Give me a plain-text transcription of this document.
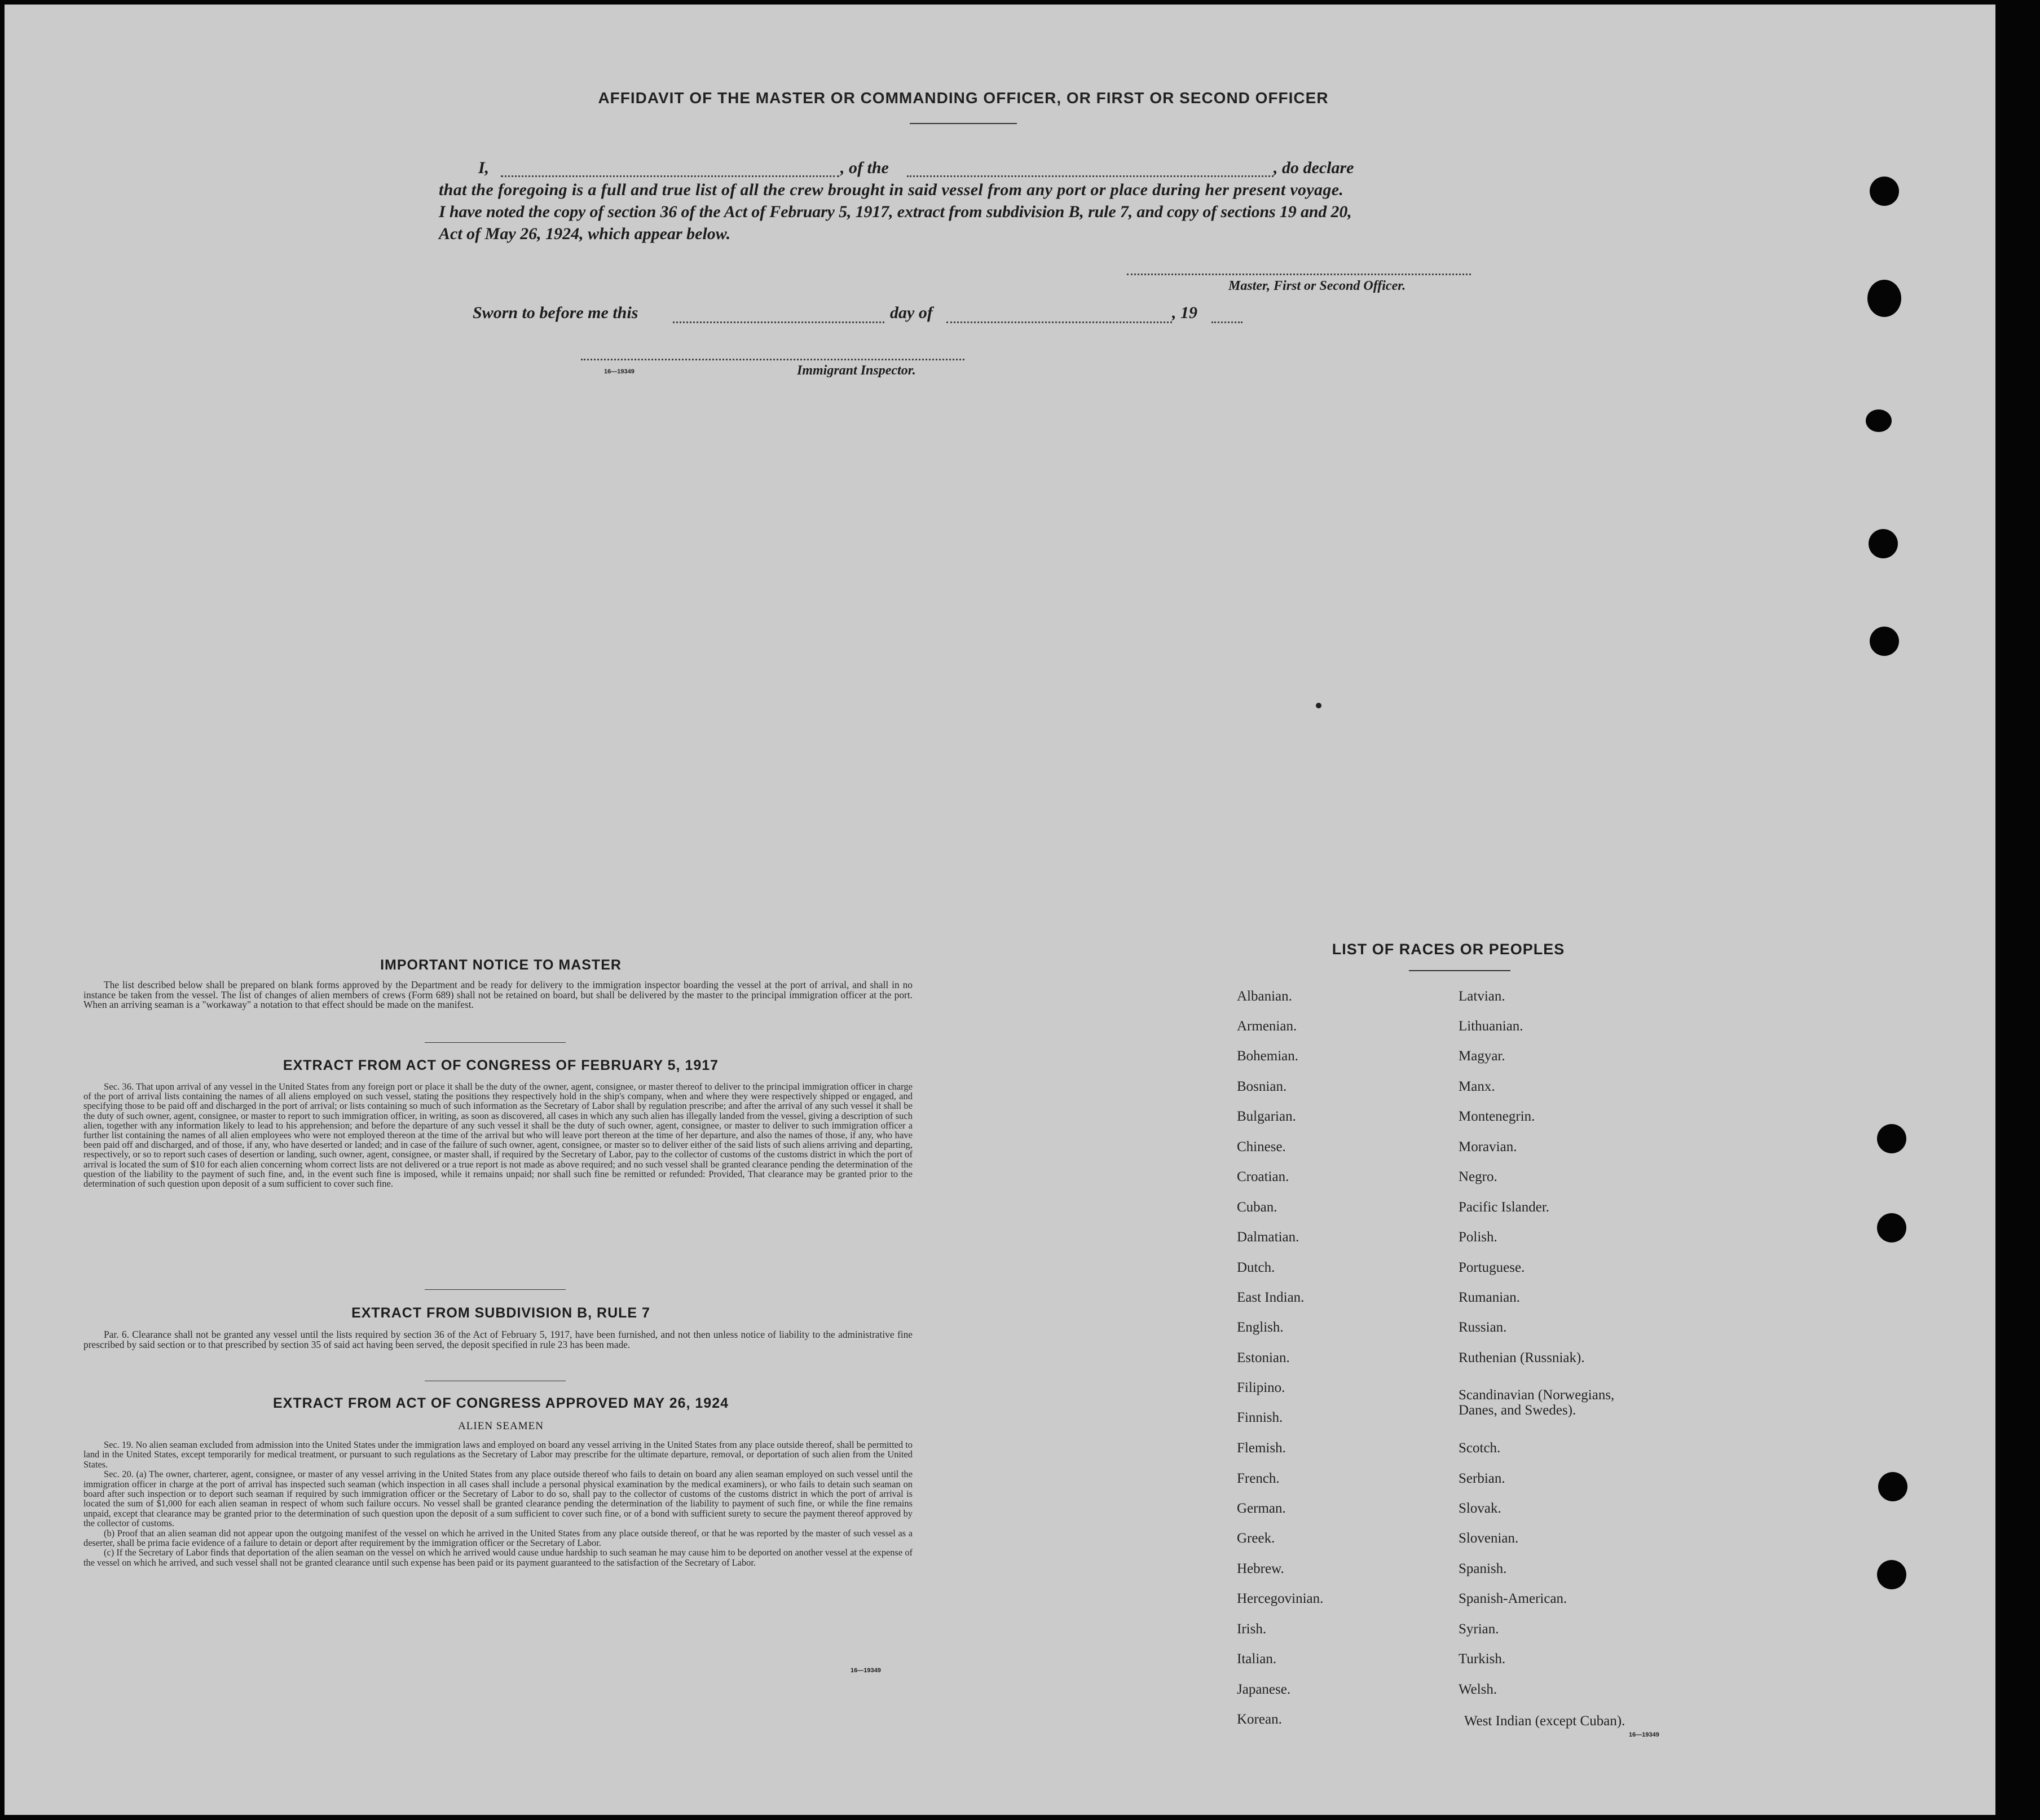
AFFIDAVIT OF THE MASTER OR COMMANDING OFFICER, OR FIRST OR SECOND OFFICER
I,	, of the	, do declare
that the foregoing is a full and true list of all the crew brought in said vessel from any port or place during her present voyage.
I have noted the copy of section 36 of the Act of February 5, 1917, extract from subdivision B, rule 7, and copy of sections 19 and 20,
Act of May 26, 1924, which appear below.
Master, First or Second Officer.
Sworn to before me this	day of	, 19
16—19349	Immigrant Inspector.
IMPORTANT NOTICE TO MASTER

The list described below shall be prepared on blank forms approved by the Department and be ready for delivery to the immigration inspector boarding the vessel at the port of arrival, and shall in no instance be taken from the vessel. The list of changes of alien members of crews (Form 689) shall not be retained on board, but shall be delivered by the master to the principal immigration officer at the port. When an arriving seaman is a "workaway" a notation to that effect should be made on the manifest.

EXTRACT FROM ACT OF CONGRESS OF FEBRUARY 5, 1917

Sec. 36. That upon arrival of any vessel in the United States from any foreign port or place it shall be the duty of the owner, agent, consignee, or master thereof to deliver to the principal immigration officer in charge of the port of arrival lists containing the names of all aliens employed on such vessel, stating the positions they respectively hold in the ship's company, when and where they were respectively shipped or engaged, and specifying those to be paid off and discharged in the port of arrival; or lists containing so much of such information as the Secretary of Labor shall by regulation prescribe; and after the arrival of any such vessel it shall be the duty of such owner, agent, consignee, or master to report to such immigration officer, in writing, as soon as discovered, all cases in which any such alien has illegally landed from the vessel, giving a description of such alien, together with any information likely to lead to his apprehension; and before the departure of any such vessel it shall be the duty of such owner, agent, consignee, or master to deliver to such immigration officer a further list containing the names of all alien employees who were not employed thereon at the time of the arrival but who will leave port thereon at the time of her departure, and also the names of those, if any, who have been paid off and discharged, and of those, if any, who have deserted or landed; and in case of the failure of such owner, agent, consignee, or master so to deliver either of the said lists of such aliens arriving and departing, respectively, or so to report such cases of desertion or landing, such owner, agent, consignee, or master shall, if required by the Secretary of Labor, pay to the collector of customs of the customs district in which the port of arrival is located the sum of $10 for each alien concerning whom correct lists are not delivered or a true report is not made as above required; and no such vessel shall be granted clearance pending the determination of the question of the liability to the payment of such fine, and, in the event such fine is imposed, while it remains unpaid; nor shall such fine be remitted or refunded: Provided, That clearance may be granted prior to the determination of such question upon deposit of a sum sufficient to cover such fine.

EXTRACT FROM SUBDIVISION B, RULE 7

Par. 6. Clearance shall not be granted any vessel until the lists required by section 36 of the Act of February 5, 1917, have been furnished, and not then unless notice of liability to the administrative fine prescribed by said section or to that prescribed by section 35 of said act having been served, the deposit specified in rule 23 has been made.

EXTRACT FROM ACT OF CONGRESS APPROVED MAY 26, 1924
ALIEN SEAMEN

Sec. 19. No alien seaman excluded from admission into the United States under the immigration laws and employed on board any vessel arriving in the United States from any place outside thereof, shall be permitted to land in the United States, except temporarily for medical treatment, or pursuant to such regulations as the Secretary of Labor may prescribe for the ultimate departure, removal, or deportation of such alien from the United States.

Sec. 20. (a) The owner, charterer, agent, consignee, or master of any vessel arriving in the United States from any place outside thereof who fails to detain on board any alien seaman employed on such vessel until the immigration officer in charge at the port of arrival has inspected such seaman (which inspection in all cases shall include a personal physical examination by the medical examiners), or who fails to detain such seaman on board after such inspection or to deport such seaman if required by such immigration officer or the Secretary of Labor to do so, shall pay to the collector of customs of the customs district in which the port of arrival is located the sum of $1,000 for each alien seaman in respect of whom such failure occurs. No vessel shall be granted clearance pending the determination of the liability to payment of such fine, or while the fine remains unpaid, except that clearance may be granted prior to the determination of such question upon the deposit of a sum sufficient to cover such fine, or of a bond with sufficient surety to secure the payment thereof approved by the collector of customs.

(b) Proof that an alien seaman did not appear upon the outgoing manifest of the vessel on which he arrived in the United States from any place outside thereof, or that he was reported by the master of such vessel as a deserter, shall be prima facie evidence of a failure to detain or deport after requirement by the immigration officer or the Secretary of Labor.

(c) If the Secretary of Labor finds that deportation of the alien seaman on the vessel on which he arrived would cause undue hardship to such seaman he may cause him to be deported on another vessel at the expense of the vessel on which he arrived, and such vessel shall not be granted clearance until such expense has been paid or its payment guaranteed to the satisfaction of the Secretary of Labor.

16—19349
LIST OF RACES OR PEOPLES
Albanian.
Armenian.
Bohemian.
Bosnian.
Bulgarian.
Chinese.
Croatian.
Cuban.
Dalmatian.
Dutch.
East Indian.
English.
Estonian.
Filipino.
Finnish.
Flemish.
French.
German.
Greek.
Hebrew.
Hercegovinian.
Irish.
Italian.
Japanese.
Korean.
Latvian.
Lithuanian.
Magyar.
Manx.
Montenegrin.
Moravian.
Negro.
Pacific Islander.
Polish.
Portuguese.
Rumanian.
Russian.
Ruthenian (Russniak).
Scandinavian (Norwegians, Danes, and Swedes).
Scotch.
Serbian.
Slovak.
Slovenian.
Spanish.
Spanish-American.
Syrian.
Turkish.
Welsh.
West Indian (except Cuban).
16—19349
